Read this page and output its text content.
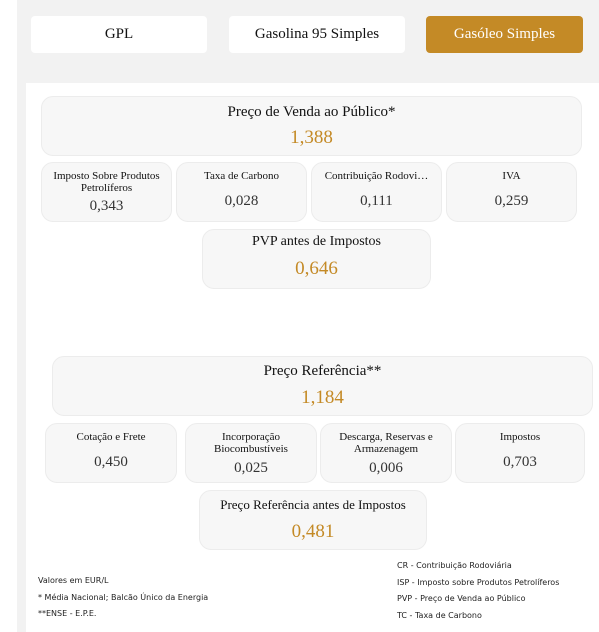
GPL	Gasolina 95 Simples	Gasóleo Simples
Preço de Venda ao Público*
1,388
Imposto Sobre Produtos Petrolíferos
0,343
Taxa de Carbono
0,028
Contribuição Rodovi…
0,111
IVA
0,259
PVP antes de Impostos
0,646
Preço Referência**
1,184
Cotação e Frete
0,450
Incorporação Biocombustíveis
0,025
Descarga, Reservas e Armazenagem
0,006
Impostos
0,703
Preço Referência antes de Impostos
0,481
Valores em EUR/L
* Média Nacional; Balcão Único da Energia
**ENSE - E.P.E.
CR - Contribuição Rodoviária
ISP - Imposto sobre Produtos Petrolíferos
PVP - Preço de Venda ao Público
TC - Taxa de Carbono
